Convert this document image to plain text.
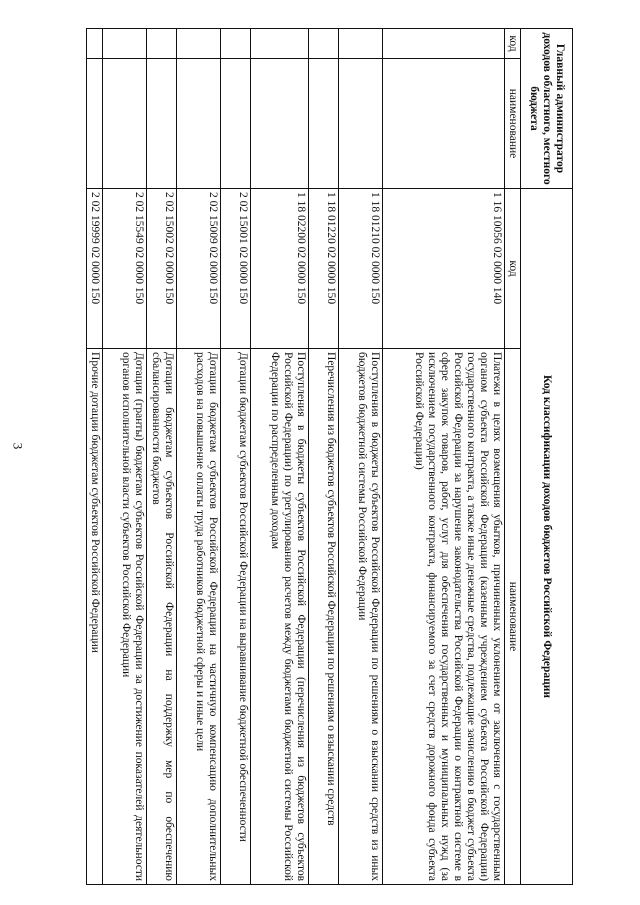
3
Главный администратор доходов областного, местного бюджета		Код классификации доходов бюджетов Российской Федерации	
код	наименование	код	наименование
		1 16 10056 02 0000 140	Платежи в целях возмещения убытков, причиненных уклонением от заключения с государственным органом субъекта Российской Федерации (казенным учреждением субъекта Российской Федерации) государственного контракта, а также иные денежные средства, подлежащие зачислению в бюджет субъекта Российской Федерации за нарушение законодательства Российской Федерации о контрактной системе в сфере закупок товаров, работ, услуг для обеспечения государственных и муниципальных нужд (за исключением государственного контракта, финансируемого за счет средств дорожного фонда субъекта Российской Федерации)
		1 18 01210 02 0000 150	Поступления в бюджеты субъектов Российской Федерации по решениям о взыскании средств из иных бюджетов бюджетной системы Российской Федерации
		1 18 01220 02 0000 150	Перечисления из бюджетов субъектов Российской Федерации по решениям о взыскании средств
		1 18 02200 02 0000 150	Поступления в бюджеты субъектов Российской Федерации (перечисления из бюджетов субъектов Российской Федерации) по урегулированию расчетов между бюджетами бюджетной системы Российской Федерации по распределенным доходам
		2 02 15001 02 0000 150	Дотации бюджетам субъектов Российской Федерации на выравнивание бюджетной обеспеченности
		2 02 15009 02 0000 150	Дотации бюджетам субъектов Российской Федерации на частичную компенсацию дополнительных расходов на повышение оплаты труда работников бюджетной сферы и иные цели
		2 02 15002 02 0000 150	Дотации бюджетам субъектов Российской Федерации на поддержку мер по обеспечению сбалансированности бюджетов
		2 02 15549 02 0000 150	Дотации (гранты) бюджетам субъектов Российской Федерации за достижение показателей деятельности органов исполнительной власти субъектов Российской Федерации
		2 02 19999 02 0000 150	Прочие дотации бюджетам субъектов Российской Федерации
